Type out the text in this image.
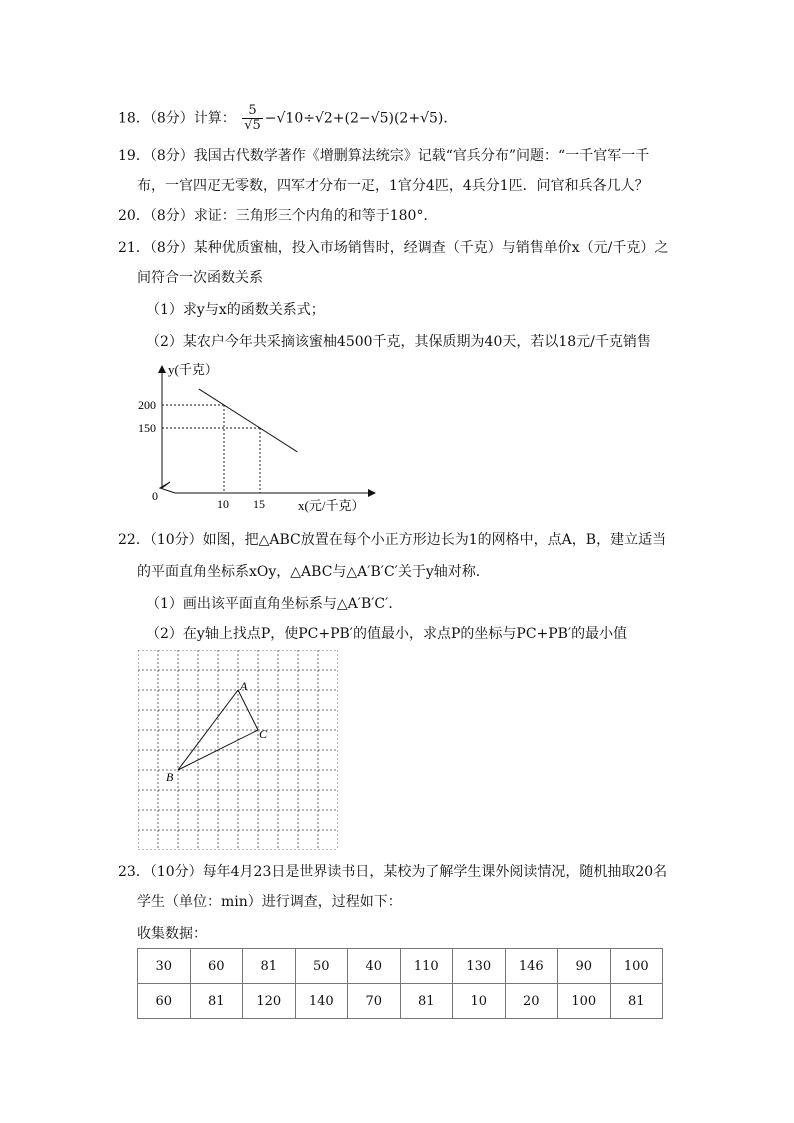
18．（8分）计算： $\frac{5}{√5} -√10\div√2+(2-√5)(2+√5)$．
19．（8分）我国古代数学著作《增删算法统宗》记载“官兵分布”问题：“一千官军一千
布，一官四疋无零数，四军才分布一疋，1官分4匹，4兵分1匹．问官和兵各几人？
20．（8分）求证：三角形三个内角的和等于180°．
21．（8分）某种优质蜜柚，投入市场销售时，经调查（千克）与销售单价x（元/千克）之
间符合一次函数关系
（1）求y与x的函数关系式；
（2）某农户今年共采摘该蜜柚4500千克，其保质期为40天，若以18元/千克销售
y(千克）
x(元/千克）
0
200
10
150
15
22．（10分）如图，把△ABC放置在每个小正方形边长为1的网格中，点A，B，建立适当
的平面直角坐标系xOy，△ABC与△A′B′C′关于y轴对称．
（1）画出该平面直角坐标系与△A′B′C′．
（2）在y轴上找点P，使PC+PB′的值最小，求点P的坐标与PC+PB′的最小值
A
B
C
23．（10分）每年4月23日是世界读书日，某校为了解学生课外阅读情况，随机抽取20名
学生（单位：min）进行调查，过程如下：
收集数据：
30	60	81	50	40	110	130	146	90	100
60	81	120	140	70	81	10	20	100	81
